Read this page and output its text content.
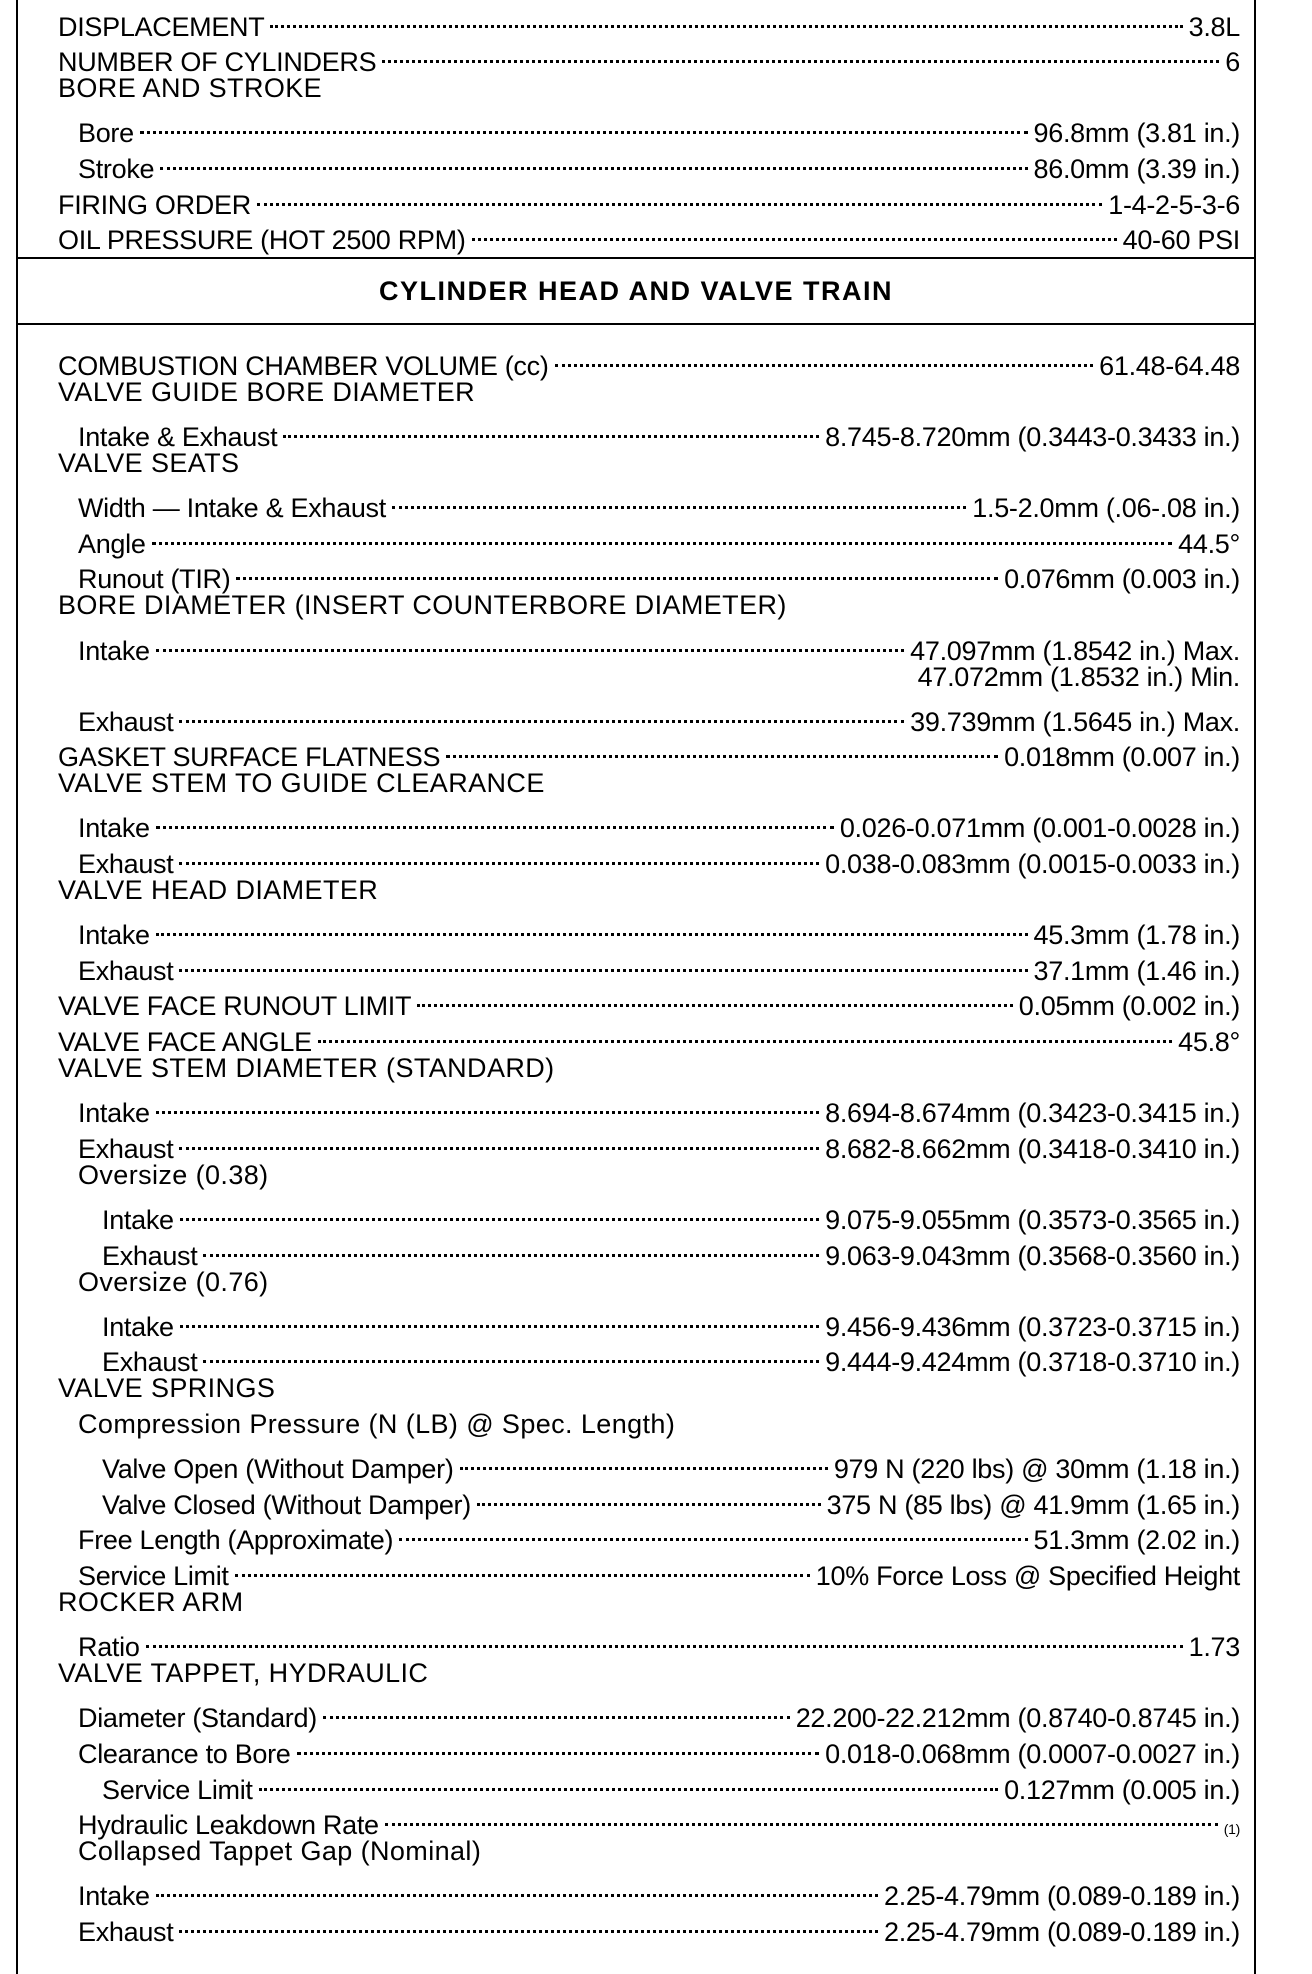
DISPLACEMENT	3.8L
NUMBER OF CYLINDERS	6
BORE AND STROKE
Bore	96.8mm (3.81 in.)
Stroke	86.0mm (3.39 in.)
FIRING ORDER	1-4-2-5-3-6
OIL PRESSURE (HOT 2500 RPM)	40-60 PSI
CYLINDER HEAD AND VALVE TRAIN
COMBUSTION CHAMBER VOLUME (cc)	61.48-64.48
VALVE GUIDE BORE DIAMETER
Intake & Exhaust	8.745-8.720mm (0.3443-0.3433 in.)
VALVE SEATS
Width — Intake & Exhaust	1.5-2.0mm (.06-.08 in.)
Angle	44.5°
Runout (TIR)	0.076mm (0.003 in.)
BORE DIAMETER (INSERT COUNTERBORE DIAMETER)
Intake	47.097mm (1.8542 in.) Max.
47.072mm (1.8532 in.) Min.
Exhaust	39.739mm (1.5645 in.) Max.
GASKET SURFACE FLATNESS	0.018mm (0.007 in.)
VALVE STEM TO GUIDE CLEARANCE
Intake	0.026-0.071mm (0.001-0.0028 in.)
Exhaust	0.038-0.083mm (0.0015-0.0033 in.)
VALVE HEAD DIAMETER
Intake	45.3mm (1.78 in.)
Exhaust	37.1mm (1.46 in.)
VALVE FACE RUNOUT LIMIT	0.05mm (0.002 in.)
VALVE FACE ANGLE	45.8°
VALVE STEM DIAMETER (STANDARD)
Intake	8.694-8.674mm (0.3423-0.3415 in.)
Exhaust	8.682-8.662mm (0.3418-0.3410 in.)
Oversize (0.38)
Intake	9.075-9.055mm (0.3573-0.3565 in.)
Exhaust	9.063-9.043mm (0.3568-0.3560 in.)
Oversize (0.76)
Intake	9.456-9.436mm (0.3723-0.3715 in.)
Exhaust	9.444-9.424mm (0.3718-0.3710 in.)
VALVE SPRINGS
Compression Pressure (N (LB) @ Spec. Length)
Valve Open (Without Damper)	979 N (220 lbs) @ 30mm (1.18 in.)
Valve Closed (Without Damper)	375 N (85 lbs) @ 41.9mm (1.65 in.)
Free Length (Approximate)	51.3mm (2.02 in.)
Service Limit	10% Force Loss @ Specified Height
ROCKER ARM
Ratio	1.73
VALVE TAPPET, HYDRAULIC
Diameter (Standard)	22.200-22.212mm (0.8740-0.8745 in.)
Clearance to Bore	0.018-0.068mm (0.0007-0.0027 in.)
Service Limit	0.127mm (0.005 in.)
Hydraulic Leakdown Rate	(1)
Collapsed Tappet Gap (Nominal)
Intake	2.25-4.79mm (0.089-0.189 in.)
Exhaust	2.25-4.79mm (0.089-0.189 in.)
